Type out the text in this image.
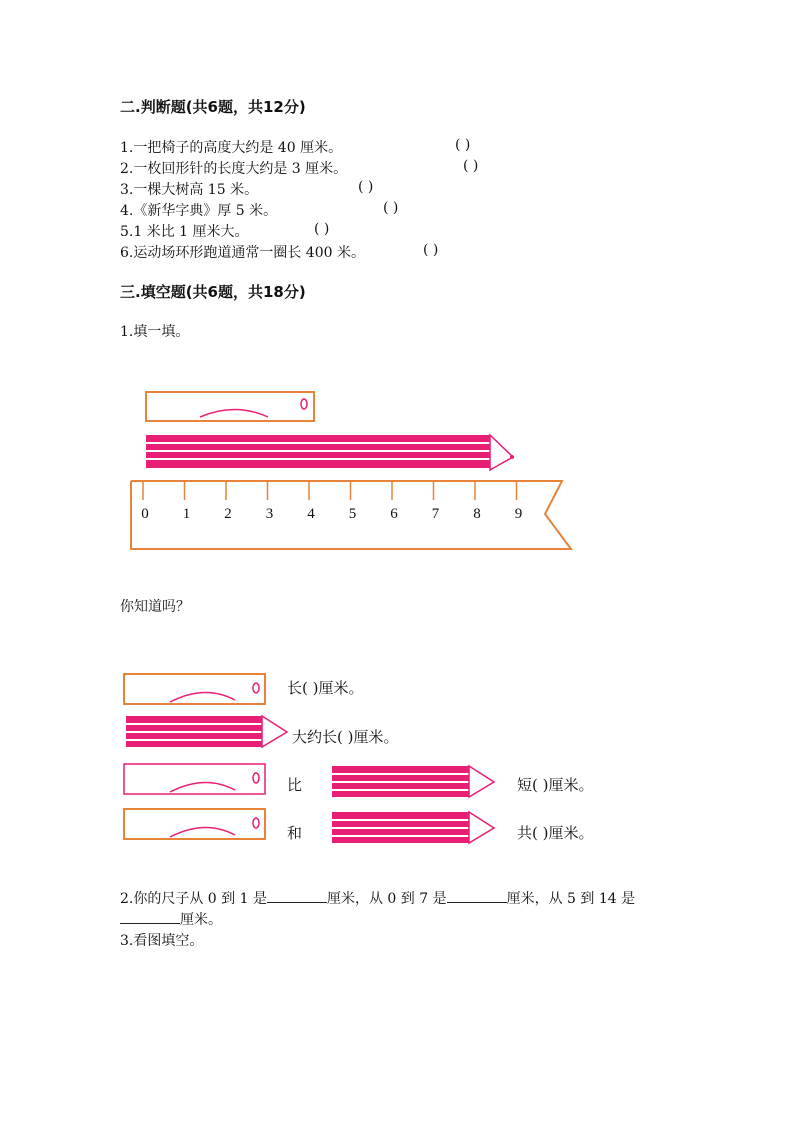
二.判断题(共6题，共12分)
1.一把椅子的高度大约是 40 厘米。	( )
2.一枚回形针的长度大约是 3 厘米。	( )
3.一棵大树高 15 米。	( )
4.《新华字典》厚 5 米。	( )
5.1 米比 1 厘米大。	( )
6.运动场环形跑道通常一圈长 400 米。	( )
三.填空题(共6题，共18分)
1.填一填。
0 1 2 3 4 5 6 7 8 9
你知道吗？
长( )厘米。
大约长( )厘米。
比	短( )厘米。
和	共( )厘米。
2.你的尺子从 0 到 1 是	厘米，从 0 到 7 是	厘米，从 5 到 14 是
厘米。
3.看图填空。
